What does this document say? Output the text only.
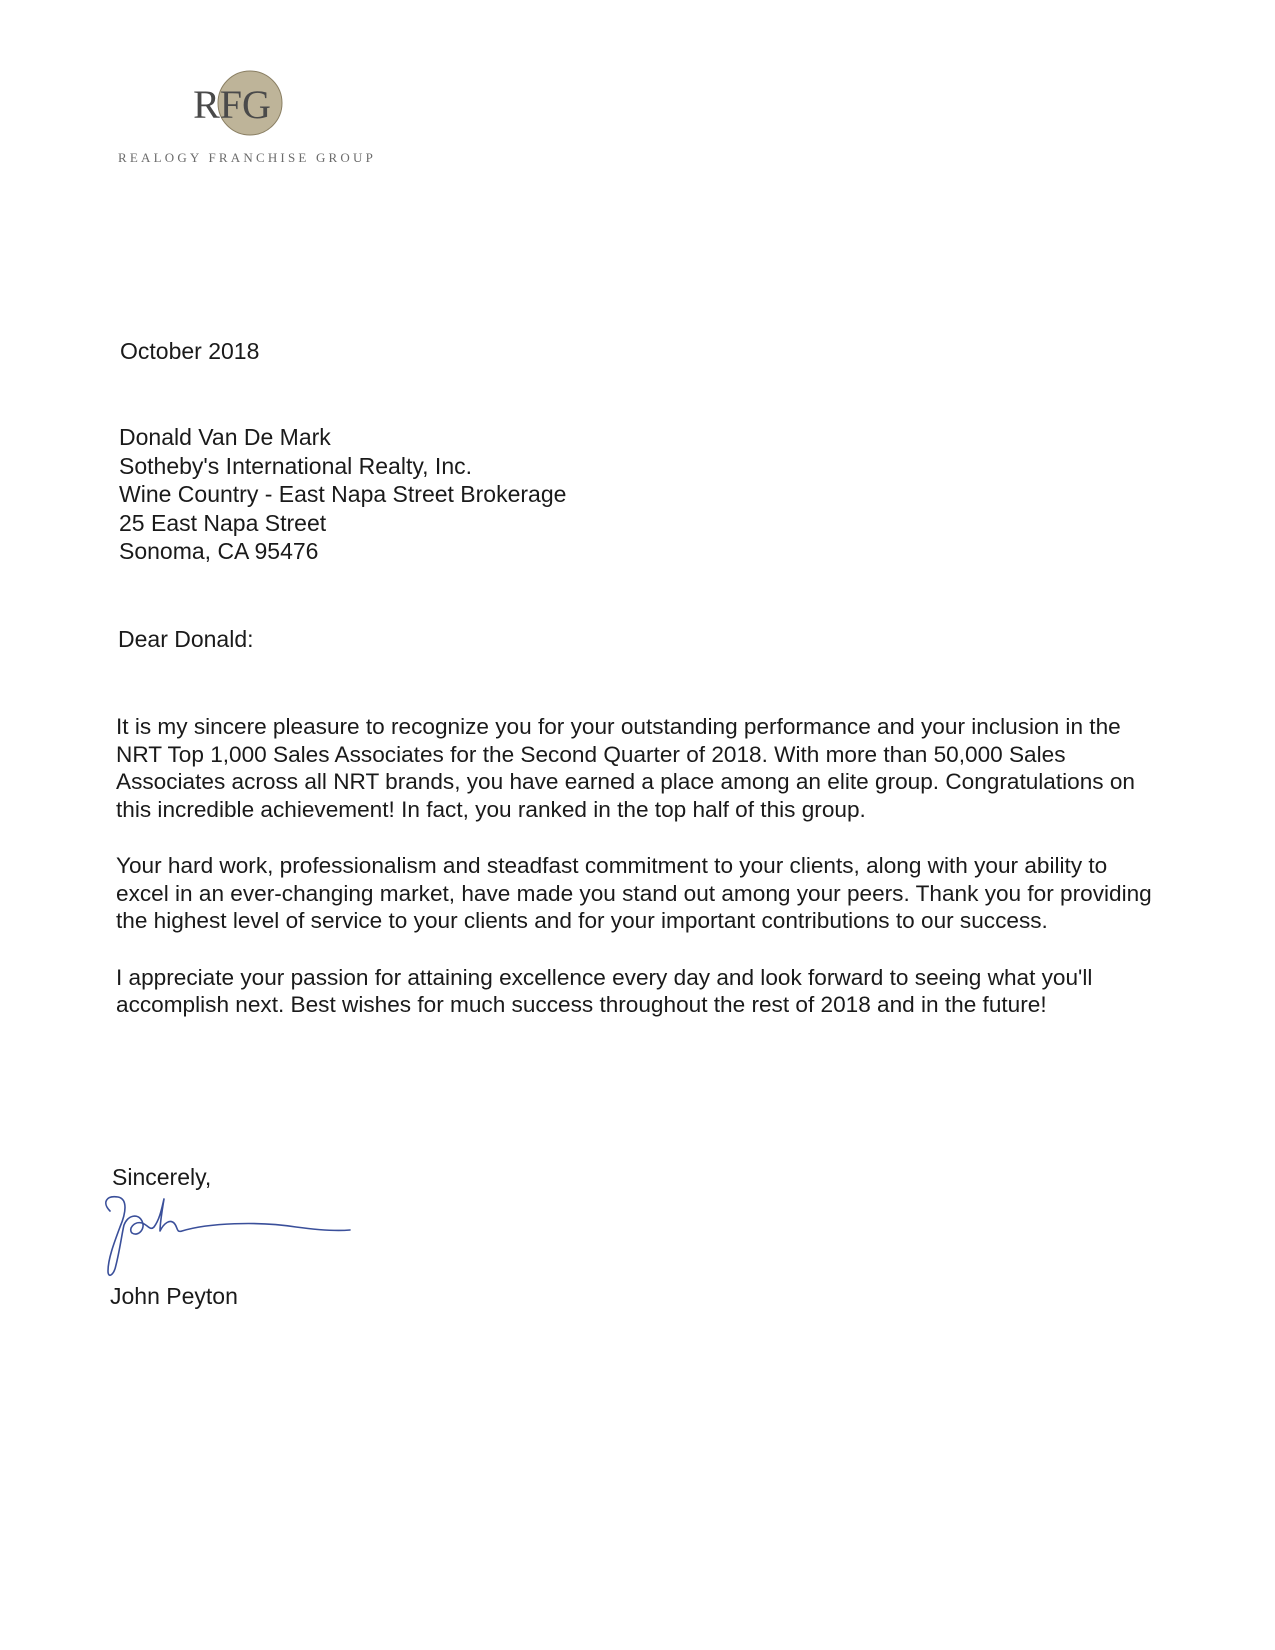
RFG
REALOGY FRANCHISE GROUP
October 2018
Donald Van De Mark
Sotheby's International Realty, Inc.
Wine Country - East Napa Street Brokerage
25 East Napa Street
Sonoma, CA 95476
Dear Donald:

It is my sincere pleasure to recognize you for your outstanding performance and your inclusion in the NRT Top 1,000 Sales Associates for the Second Quarter of 2018. With more than 50,000 Sales Associates across all NRT brands, you have earned a place among an elite group. Congratulations on this incredible achievement! In fact, you ranked in the top half of this group.

Your hard work, professionalism and steadfast commitment to your clients, along with your ability to excel in an ever-changing market, have made you stand out among your peers. Thank you for providing the highest level of service to your clients and for your important contributions to our success.

I appreciate your passion for attaining excellence every day and look forward to seeing what you'll accomplish next. Best wishes for much success throughout the rest of 2018 and in the future!

Sincerely,
John Peyton
